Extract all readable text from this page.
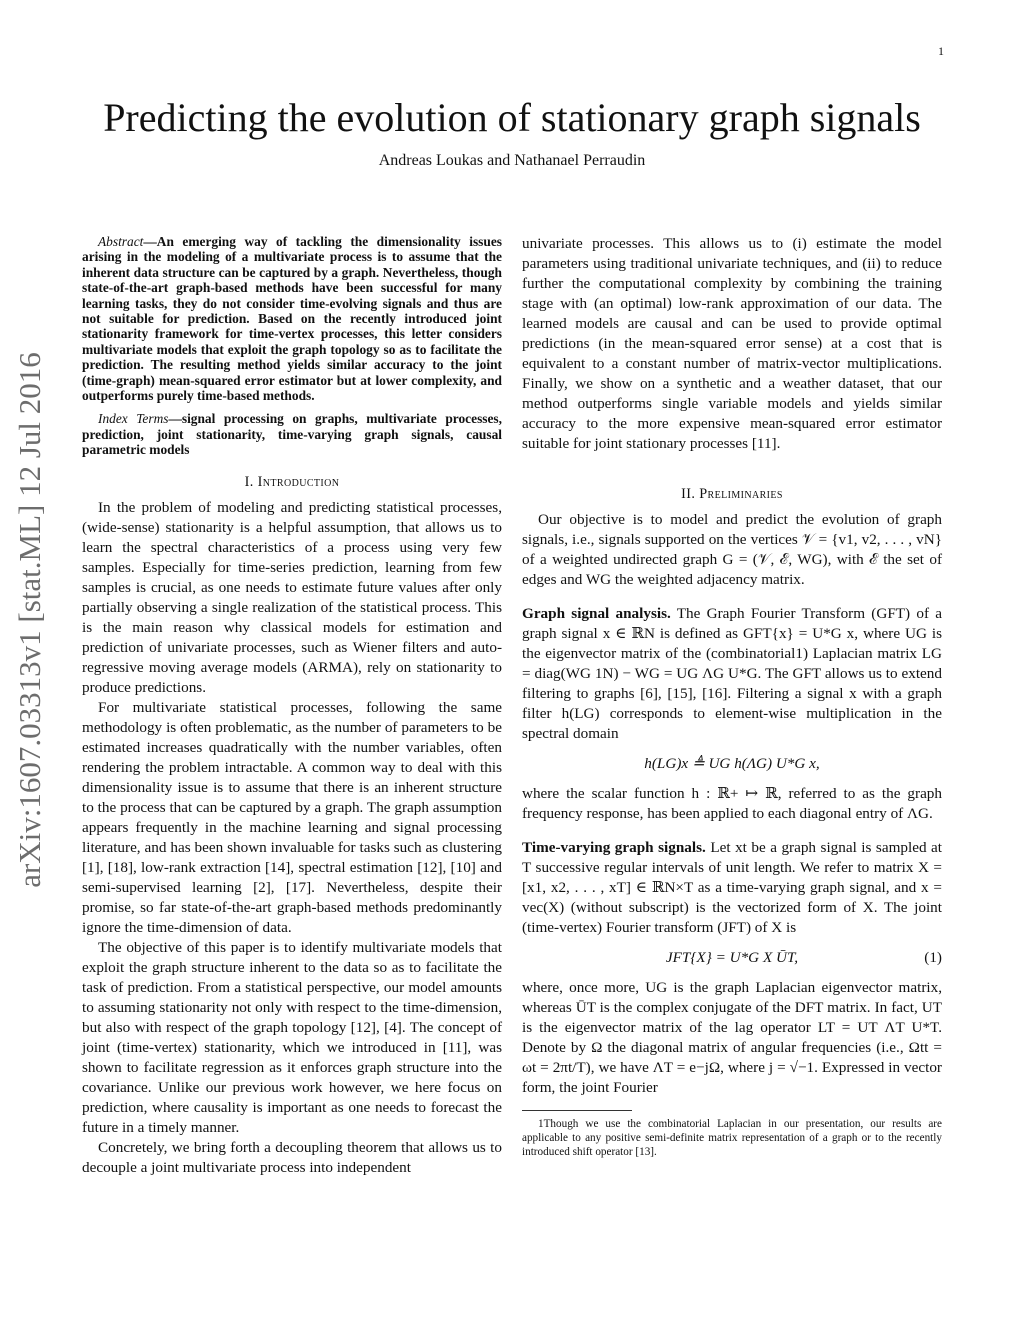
1
arXiv:1607.03313v1 [stat.ML] 12 Jul 2016
Predicting the evolution of stationary graph signals
Andreas Loukas and Nathanael Perraudin

Abstract—An emerging way of tackling the dimensionality issues arising in the modeling of a multivariate process is to assume that the inherent data structure can be captured by a graph. Nevertheless, though state-of-the-art graph-based methods have been successful for many learning tasks, they do not consider time-evolving signals and thus are not suitable for prediction. Based on the recently introduced joint stationarity framework for time-vertex processes, this letter considers multivariate models that exploit the graph topology so as to facilitate the prediction. The resulting method yields similar accuracy to the joint (time-graph) mean-squared error estimator but at lower complexity, and outperforms purely time-based methods.

Index Terms—signal processing on graphs, multivariate processes, prediction, joint stationarity, time-varying graph signals, causal parametric models

I. Introduction

In the problem of modeling and predicting statistical processes, (wide-sense) stationarity is a helpful assumption, that allows us to learn the spectral characteristics of a process using very few samples. Especially for time-series prediction, learning from few samples is crucial, as one needs to estimate future values after only partially observing a single realization of the statistical process. This is the main reason why classical models for estimation and prediction of univariate processes, such as Wiener filters and auto-regressive moving average models (ARMA), rely on stationarity to produce predictions.

For multivariate statistical processes, following the same methodology is often problematic, as the number of parameters to be estimated increases quadratically with the number variables, often rendering the problem intractable. A common way to deal with this dimensionality issue is to assume that there is an inherent structure to the process that can be captured by a graph. The graph assumption appears frequently in the machine learning and signal processing literature, and has been shown invaluable for tasks such as clustering [1], [18], low-rank extraction [14], spectral estimation [12], [10] and semi-supervised learning [2], [17]. Nevertheless, despite their promise, so far state-of-the-art graph-based methods predominantly ignore the time-dimension of data.

The objective of this paper is to identify multivariate models that exploit the graph structure inherent to the data so as to facilitate the task of prediction. From a statistical perspective, our model amounts to assuming stationarity not only with respect to the time-dimension, but also with respect of the graph topology [12], [4]. The concept of joint (time-vertex) stationarity, which we introduced in [11], was shown to facilitate regression as it enforces graph structure into the covariance. Unlike our previous work however, we here focus on prediction, where causality is important as one needs to forecast the future in a timely manner.

Concretely, we bring forth a decoupling theorem that allows us to decouple a joint multivariate process into independent

univariate processes. This allows us to (i) estimate the model parameters using traditional univariate techniques, and (ii) to reduce further the computational complexity by combining the training stage with (an optimal) low-rank approximation of our data. The learned models are causal and can be used to provide optimal predictions (in the mean-squared error sense) at a cost that is equivalent to a constant number of matrix-vector multiplications. Finally, we show on a synthetic and a weather dataset, that our method outperforms single variable models and yields similar accuracy to the more expensive mean-squared error estimator suitable for joint stationary processes [11].

II. Preliminaries

Our objective is to model and predict the evolution of graph signals, i.e., signals supported on the vertices 𝒱 = {v1, v2, . . . , vN} of a weighted undirected graph G = (𝒱, ℰ, WG), with ℰ the set of edges and WG the weighted adjacency matrix.

Graph signal analysis. The Graph Fourier Transform (GFT) of a graph signal x ∈ ℝN is defined as GFT{x} = U*G x, where UG is the eigenvector matrix of the (combinatorial1) Laplacian matrix LG = diag(WG 1N) − WG = UG ΛG U*G. The GFT allows us to extend filtering to graphs [6], [15], [16]. Filtering a signal x with a graph filter h(LG) corresponds to element-wise multiplication in the spectral domain

h(LG)x ≜ UG h(ΛG) U*G x,

where the scalar function h : ℝ+ ↦ ℝ, referred to as the graph frequency response, has been applied to each diagonal entry of ΛG.

Time-varying graph signals. Let xt be a graph signal is sampled at T successive regular intervals of unit length. We refer to matrix X = [x1, x2, . . . , xT] ∈ ℝN×T as a time-varying graph signal, and x = vec(X) (without subscript) is the vectorized form of X. The joint (time-vertex) Fourier transform (JFT) of X is

JFT{X} = U*G X ŪT,	(1)

where, once more, UG is the graph Laplacian eigenvector matrix, whereas ŪT is the complex conjugate of the DFT matrix. In fact, UT is the eigenvector matrix of the lag operator LT = UT ΛT U*T. Denote by Ω the diagonal matrix of angular frequencies (i.e., Ωtt = ωt = 2πt/T), we have ΛT = e−jΩ, where j = √−1. Expressed in vector form, the joint Fourier

1Though we use the combinatorial Laplacian in our presentation, our results are applicable to any positive semi-definite matrix representation of a graph or to the recently introduced shift operator [13].
